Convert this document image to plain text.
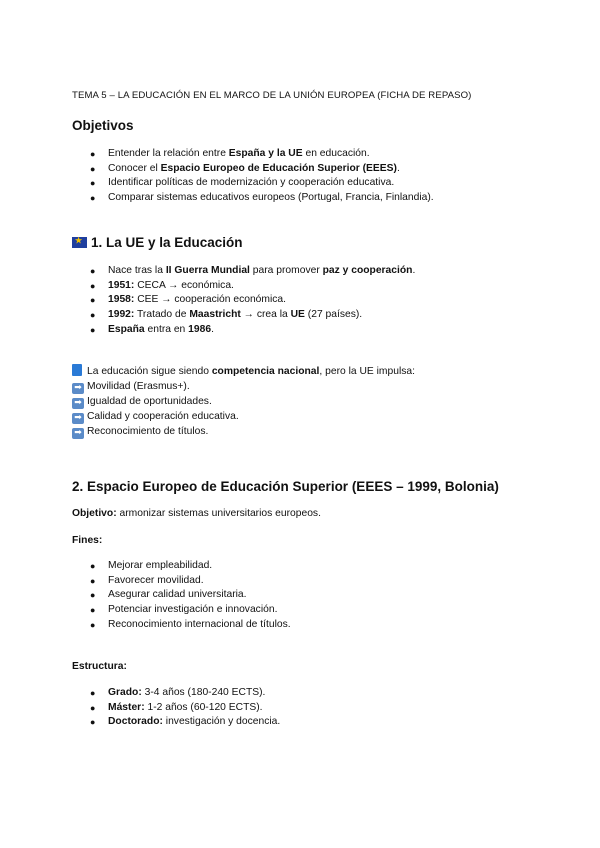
TEMA 5 – LA EDUCACIÓN EN EL MARCO DE LA UNIÓN EUROPEA (FICHA DE REPASO)
Objetivos
● Entender la relación entre España y la UE en educación.
● Conocer el Espacio Europeo de Educación Superior (EEES).
● Identificar políticas de modernización y cooperación educativa.
● Comparar sistemas educativos europeos (Portugal, Francia, Finlandia).
★1. La UE y la Educación
● Nace tras la II Guerra Mundial para promover paz y cooperación.
● 1951: CECA → económica.
● 1958: CEE → cooperación económica.
● 1992: Tratado de Maastricht → crea la UE (27 países).
● España entra en 1986.
La educación sigue siendo competencia nacional, pero la UE impulsa:
➡ Movilidad (Erasmus+).
➡ Igualdad de oportunidades.
➡ Calidad y cooperación educativa.
➡ Reconocimiento de títulos.
2. Espacio Europeo de Educación Superior (EEES – 1999, Bolonia)
Objetivo: armonizar sistemas universitarios europeos.
Fines:
● Mejorar empleabilidad.
● Favorecer movilidad.
● Asegurar calidad universitaria.
● Potenciar investigación e innovación.
● Reconocimiento internacional de títulos.
Estructura:
● Grado: 3-4 años (180-240 ECTS).
● Máster: 1-2 años (60-120 ECTS).
● Doctorado: investigación y docencia.
